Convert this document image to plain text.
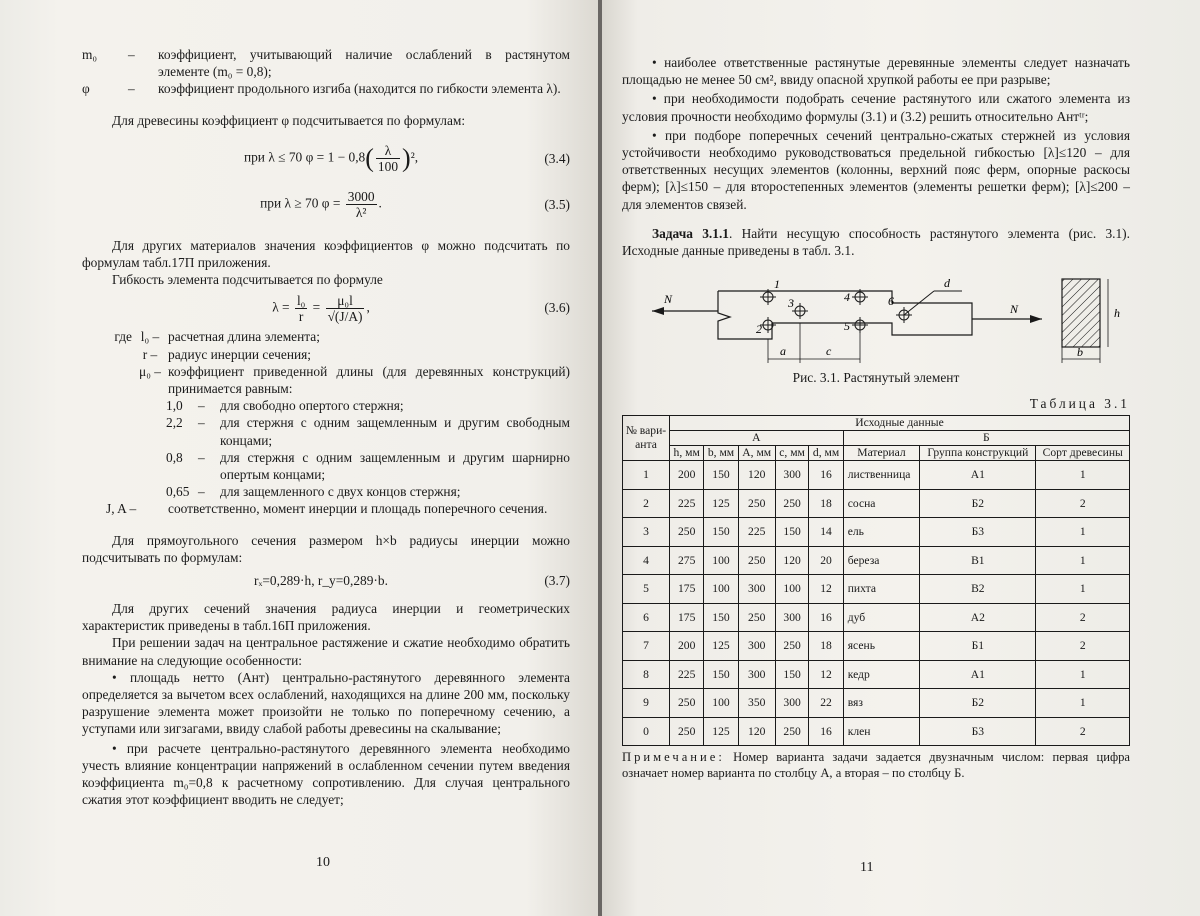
m₀	–	коэффициент, учитывающий наличие ослаблений в растянутом элементе (m₀ = 0,8);
φ	–	коэффициент продольного изгиба (находится по гибкости элемента λ).

Для древесины коэффициент φ подсчитывается по формулам:

при λ ≤ 70 $\varphi = 1 - 0,8( \frac{\lambda}{100} )^2$,	(3.4)
при λ ≥ 70 $\varphi = \frac{3000}{\text{λ²}}$ .	(3.5)

Для других материалов значения коэффициентов φ можно подсчитать по формулам табл.17П приложения.

Гибкость элемента подсчитывается по формуле

$\lambda = \frac{\text{l₀}}{r} = \frac{\text{μ₀l}}{√(J/A)}$ ,	(3.6)
где l₀ – расчетная длина элемента;
r – радиус инерции сечения;
μ₀ – коэффициент приведенной длины (для деревянных конструкций) принимается равным:
1,0	–	для свободно опертого стержня;
2,2	–	для стержня с одним защемленным и другим свободным концами;
0,8	–	для стержня с одним защемленным и другим шарнирно опертым концами;
0,65 –	для защемленного с двух концов стержня;
J, A –	соответственно, момент инерции и площадь поперечного сечения.

Для прямоугольного сечения размером h×b радиусы инерции можно подсчитывать по формулам:

rₓ=0,289·h, r_y=0,289·b.	(3.7)

Для других сечений значения радиуса инерции и геометрических характеристик приведены в табл.16П приложения.

При решении задач на центральное растяжение и сжатие необходимо обратить внимание на следующие особенности:

• площадь нетто (Aнт) центрально-растянутого деревянного элемента определяется за вычетом всех ослаблений, находящихся на длине 200 мм, поскольку разрушение элемента может произойти не только по поперечному сечению, а уступами или зигзагами, ввиду слабой работы древесины на скалывание;

• при расчете центрально-растянутого деревянного элемента необходимо учесть влияние концентрации напряжений в ослабленном сечении путем введения коэффициента m₀=0,8 к расчетному сопротивлению. Для случая центрального сжатия этот коэффициент вводить не следует;

10

• наиболее ответственные растянутые деревянные элементы следует назначать площадью не менее 50 см², ввиду опасной хрупкой работы ее при разрыве;

• при необходимости подобрать сечение растянутого или сжатого элемента из условия прочности необходимо формулы (3.1) и (3.2) решить относительно Aнтᵗʳ;

• при подборе поперечных сечений центрально-сжатых стержней из условия устойчивости необходимо руководствоваться предельной гибкостью [λ]≤120 – для ответственных несущих элементов (колонны, верхний пояс ферм, опорные раскосы ферм); [λ]≤150 – для второстепенных элементов (элементы решетки ферм); [λ]≤200 – для элементов связей.

Задача 3.1.1. Найти несущую способность растянутого элемента (рис. 3.1). Исходные данные приведены в табл. 3.1.

N
1
2
3	4
5
6
d
N
a	c
h
b
Рис. 3.1. Растянутый элемент
Таблица 3.1
№ вари-анта	Исходные данные							
	А					Б		
	h, мм	b, мм	A, мм	c, мм	d, мм	Материал	Группа конструкций	Сорт древесины
1	200	150	120	300	16	лиственница	А1	1
2	225	125	250	250	18	сосна	Б2	2
3	250	150	225	150	14	ель	Б3	1
4	275	100	250	120	20	береза	В1	1
5	175	100	300	100	12	пихта	В2	1
6	175	150	250	300	16	дуб	А2	2
7	200	125	300	250	18	ясень	Б1	2
8	225	150	300	150	12	кедр	А1	1
9	250	100	350	300	22	вяз	Б2	1
0	250	125	120	250	16	клен	Б3	2

Примечание: Номер варианта задачи задается двузначным числом: первая цифра означает номер варианта по столбцу А, а вторая – по столбцу Б.

11
